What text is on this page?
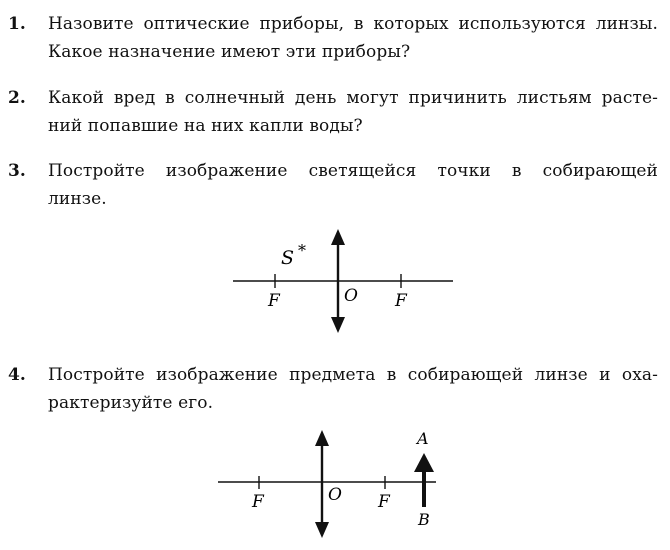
1. Назовите оптические приборы, в которых используются линзы.
Какое назначение имеют эти приборы?
2. Какой вред в солнечный день могут причинить листьям расте-
ний попавшие на них капли воды?
3. Постройте изображение светящейся точки в собирающей
линзе.
S *
F	O F
4. Постройте изображение предмета в собирающей линзе и оха-
рактеризуйте его.
A
B
F	O F
